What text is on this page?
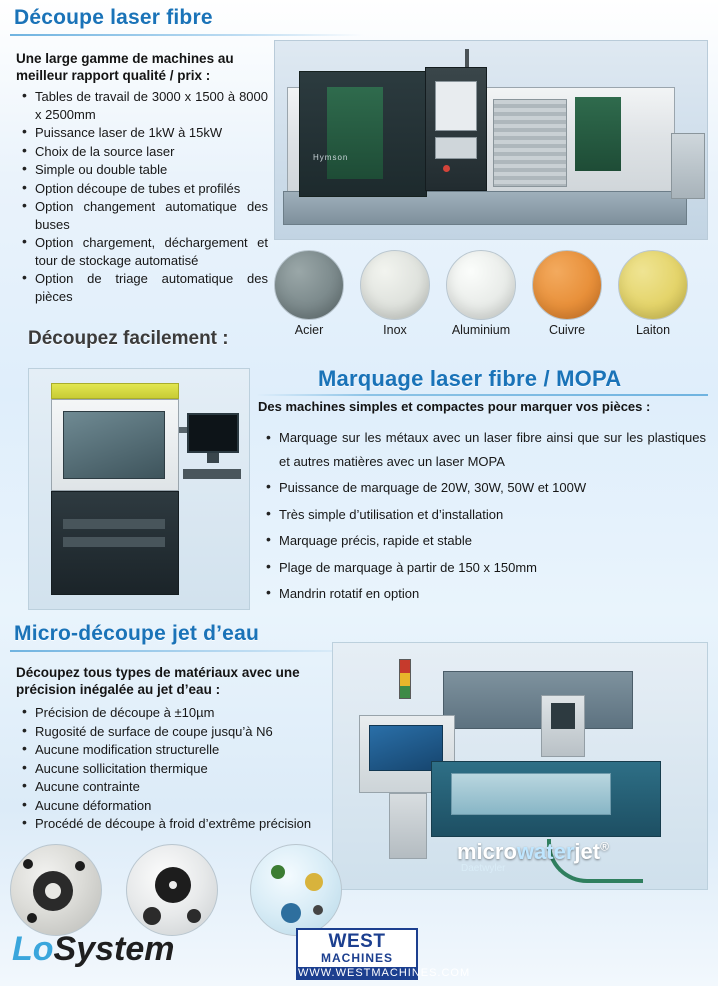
Découpe laser fibre
Une large gamme de machines au meilleur rapport qualité / prix :
• Tables de travail de 3000 x 1500 à 8000 x 2500mm
• Puissance laser de 1kW à 15kW
• Choix de la source laser
• Simple ou double table
• Option découpe de tubes et profilés
• Option changement automatique des buses
• Option chargement, déchargement et tour de stockage automatisé
• Option de triage automatique des pièces
Hymson
Acier	Inox	Aluminium	Cuivre	Laiton
Découpez facilement :
Marquage laser fibre / MOPA
Des machines simples et compactes pour marquer vos pièces :
• Marquage sur les métaux avec un laser fibre ainsi que sur les plastiques et autres matières avec un laser MOPA
• Puissance de marquage de 20W, 30W, 50W et 100W
• Très simple d’utilisation et d’installation
• Marquage précis, rapide et stable
• Plage de marquage à partir de 150 x 150mm
• Mandrin rotatif en option
Micro-découpe jet d’eau
Découpez tous types de matériaux avec une précision inégalée au jet d’eau :
• Précision de découpe à ±10µm
• Rugosité de surface de coupe jusqu’à N6
• Aucune modification structurelle
• Aucune sollicitation thermique
• Aucune contrainte
• Aucune déformation
• Procédé de découpe à froid d’extrême précision
microwaterjet®
Daetwyler
LoSystem	WEST
MACHINES
WWW.WESTMACHINES.COM
